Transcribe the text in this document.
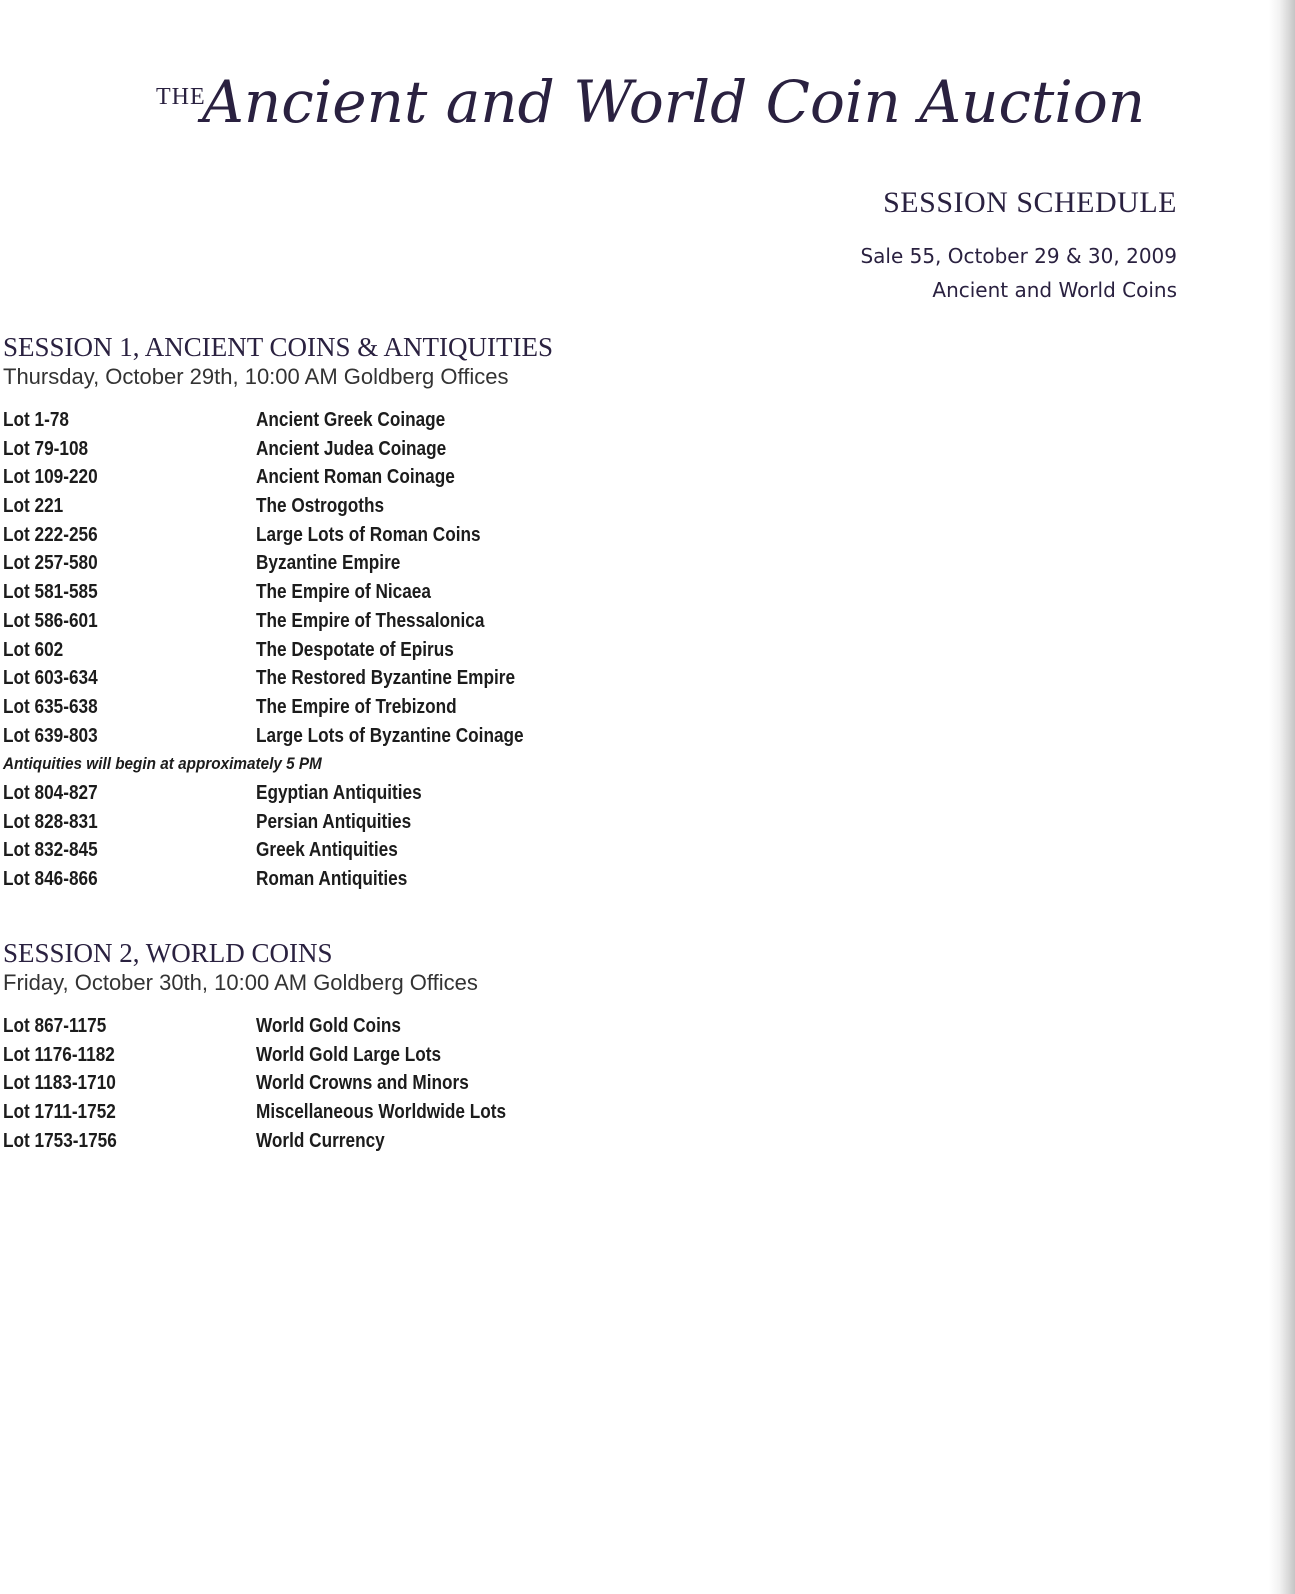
THE
Ancient and World Coin Auction
SESSION SCHEDULE
Sale 55, October 29 & 30, 2009
Ancient and World Coins
SESSION 1, ANCIENT COINS & ANTIQUITIES
Thursday, October 29th, 10:00 AM Goldberg Offices
Lot 1-78	Ancient Greek Coinage
Lot 79-108	Ancient Judea Coinage
Lot 109-220	Ancient Roman Coinage
Lot 221	The Ostrogoths
Lot 222-256	Large Lots of Roman Coins
Lot 257-580	Byzantine Empire
Lot 581-585	The Empire of Nicaea
Lot 586-601	The Empire of Thessalonica
Lot 602	The Despotate of Epirus
Lot 603-634	The Restored Byzantine Empire
Lot 635-638	The Empire of Trebizond
Lot 639-803	Large Lots of Byzantine Coinage
Antiquities will begin at approximately 5 PM
Lot 804-827	Egyptian Antiquities
Lot 828-831	Persian Antiquities
Lot 832-845	Greek Antiquities
Lot 846-866	Roman Antiquities
SESSION 2, WORLD COINS
Friday, October 30th, 10:00 AM Goldberg Offices
Lot 867-1175	World Gold Coins
Lot 1176-1182	World Gold Large Lots
Lot 1183-1710	World Crowns and Minors
Lot 1711-1752	Miscellaneous Worldwide Lots
Lot 1753-1756	World Currency
